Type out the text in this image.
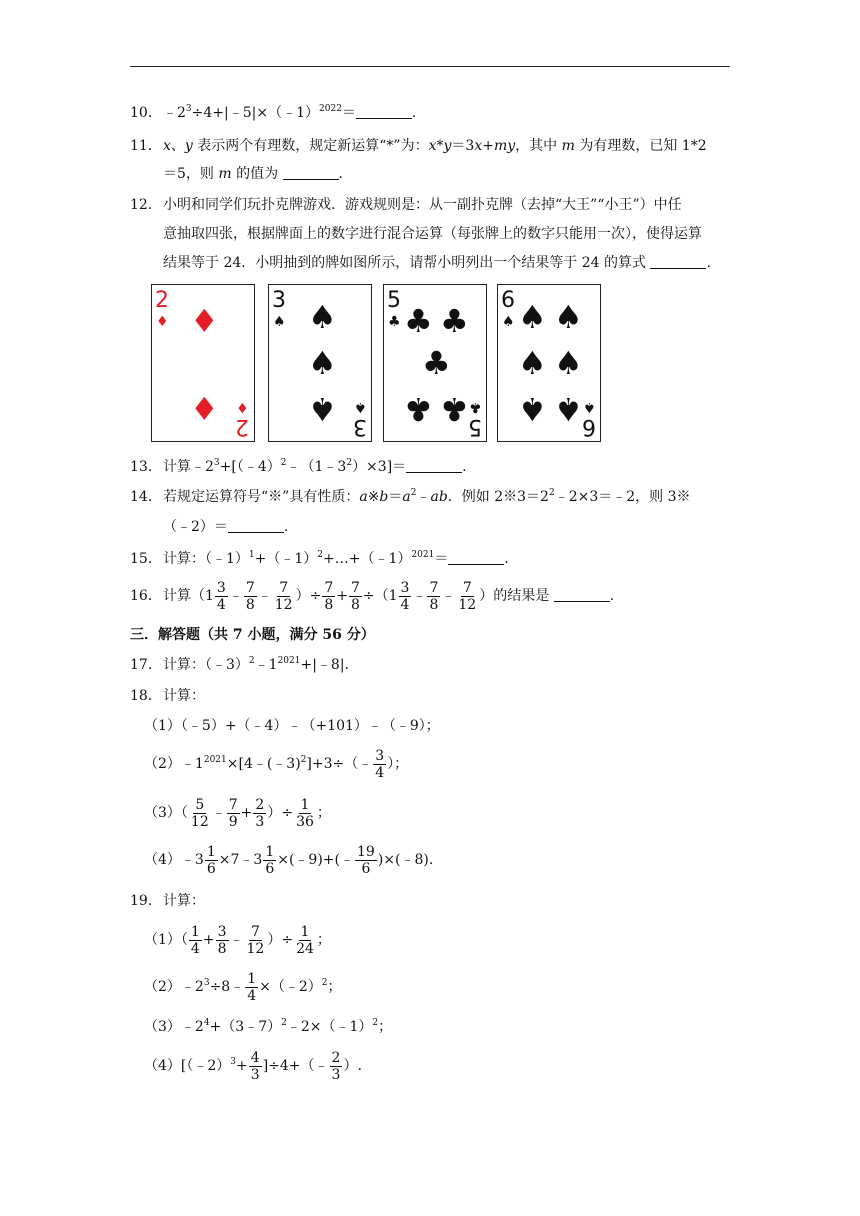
10．$﹣2^3\div 4+|﹣5|\times(﹣1)^{2022}=$	.
11．x、y 表示两个有理数，规定新运算“*”为：x*y＝3x+my，其中 m 为有理数，已知 1*2
＝5，则 m 的值为	.
12．小明和同学们玩扑克牌游戏．游戏规则是：从一副扑克牌（去掉“大王”“小王”）中任
意抽取四张，根据牌面上的数字进行混合运算（每张牌上的数字只能用一次），使得运算
结果等于 24．小明抽到的牌如图所示，请帮小明列出一个结果等于 24 的算式	.
2
♦ ♦
♦ 2
♦
3
♠ ♠
♠
♠ 3
♠
5
♣ ♣ ♣
♣
♣ ♣ 5
♣
6
♠ ♠ ♠
♠ ♠
♠ ♠ 6
♠
13．计算$﹣2^3+[(﹣4)^2﹣(1﹣3^2)\times 3]=$	.
14．若规定运算符号“※”具有性质：$a※b=a^2﹣ab$．例如 $2※3=2^2﹣2\times 3=﹣2$，则 3※
（﹣2）＝	.
15．计算：（﹣1）$^1$+（﹣1）$^2$+…+（﹣1）$^{2021}$＝	.
16．计算（$1 \frac{3}{4}$ ﹣ $\frac{7}{8}$ ﹣ $\frac{7}{12}$ ）÷ $\frac{7}{8} + \frac{7}{8} \div(1 \frac{3}{4}$ ﹣ $\frac{7}{8}$ ﹣ $\frac{7}{12}$ ）的结果是	.
三．解答题（共 7 小题，满分 56 分）
17．计算：$(﹣3)^2﹣1^{2021}+|﹣8|$.
18．计算：
（1）（﹣5）+（﹣4）﹣（+101）﹣（﹣9）；
$(2)﹣1^{2021}\times[4﹣(﹣3)^2]+3\div(﹣ \frac{3}{4}$ ）；
$(3)( \frac{5}{12}$ ﹣ $\frac{7}{9} + \frac{2}{3}$ ）÷ $\frac{1}{36}$ ；
（4）﹣3 $\frac{1}{6}$ ×7﹣3 $\frac{1}{6}$ ×(﹣9)+(﹣ $\frac{19}{6}$ )×(﹣8).
19．计算：
$(1)( \frac{1}{4} + \frac{3}{8}$ ﹣ $\frac{7}{12}$ ）÷ $\frac{1}{24}$ ；
$(2)﹣2^3\div 8﹣ \frac{1}{4}$ ×（﹣2）$^2$；
$(3)﹣2^4+(3﹣7)^2﹣2\times(﹣1)^2$；
（4）[（﹣2）$^3$+ $\frac{4}{3}$ ]÷4+（﹣ $\frac{2}{3}$ ）.
